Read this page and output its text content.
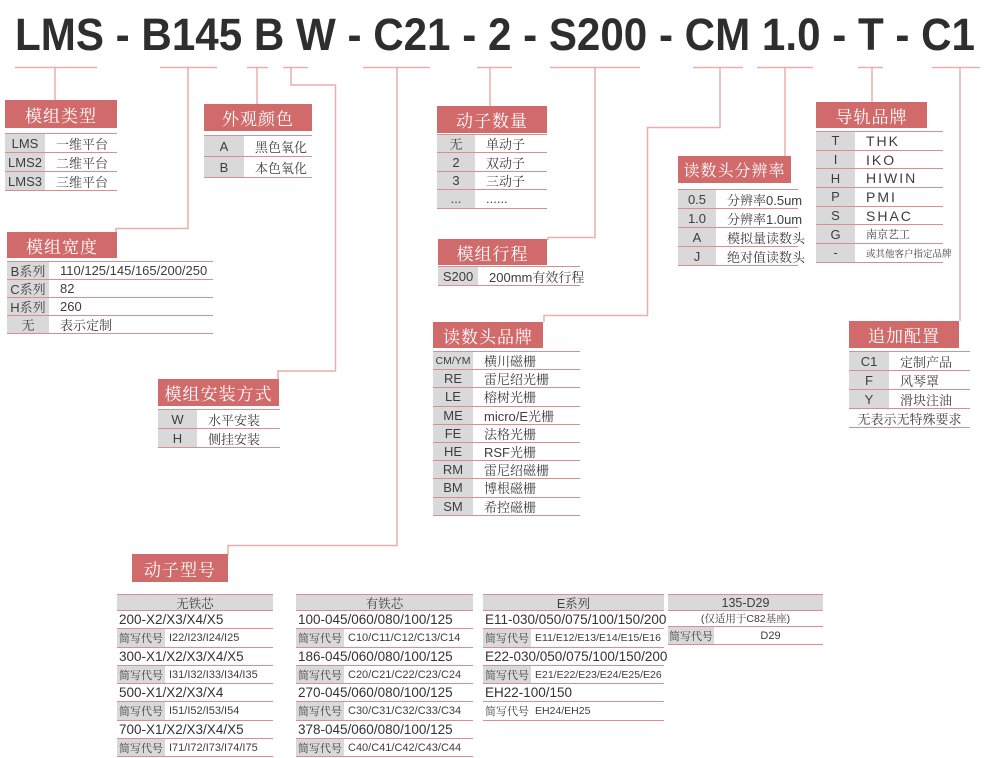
LMS - B145 B W - C21 - 2 - S200 - CM 1.0 - T - C1
模组类型	外观颜色
模组宽度
模组安装方式
动子数量
模组行程
读数头品牌
读数头分辨率
导轨品牌
追加配置
动子型号
LMS	一维平台
LMS2	二维平台
LMS3	三维平台
A	黑色氧化
B	本色氧化
B系列	110/125/145/165/200/250
C系列	82
H系列	260
无	表示定制
W	水平安装
H	侧挂安装
无	单动子
2	双动子
3	三动子
...	......
S200	200mm有效行程
CM/YM	横川磁栅
RE	雷尼绍光栅
LE	榕树光栅
ME	micro/E光栅
FE	法格光栅
HE	RSF光栅
RM	雷尼绍磁栅
BM	博根磁栅
SM	希控磁栅
0.5	分辨率0.5um
1.0	分辨率1.0um
A	模拟量读数头
J	绝对值读数头
T	THK
I	IKO
H	HIWIN
P	PMI
S	SHAC
G	南京艺工
-	或其他客户指定品牌
C1	定制产品
F	风琴罩
Y	滑块注油
无表示无特殊要求
无铁芯
200-X2/X3/X4/X5
简写代号 I22/I23/I24/I25
300-X1/X2/X3/X4/X5
简写代号 I31/I32/I33/I34/I35
500-X1/X2/X3/X4
简写代号 I51/I52/I53/I54
700-X1/X2/X3/X4/X5
简写代号 I71/I72/I73/I74/I75
有铁芯
100-045/060/080/100/125
简写代号 C10/C11/C12/C13/C14
186-045/060/080/100/125
简写代号 C20/C21/C22/C23/C24
270-045/060/080/100/125
简写代号 C30/C31/C32/C33/C34
378-045/060/080/100/125
简写代号 C40/C41/C42/C43/C44
E系列
E11-030/050/075/100/150/200
简写代号 E11/E12/E13/E14/E15/E16
E22-030/050/075/100/150/200
简写代号 E21/E22/E23/E24/E25/E26
EH22-100/150
简写代号 EH24/EH25
135-D29
(仅适用于C82基座)
简写代号	D29
